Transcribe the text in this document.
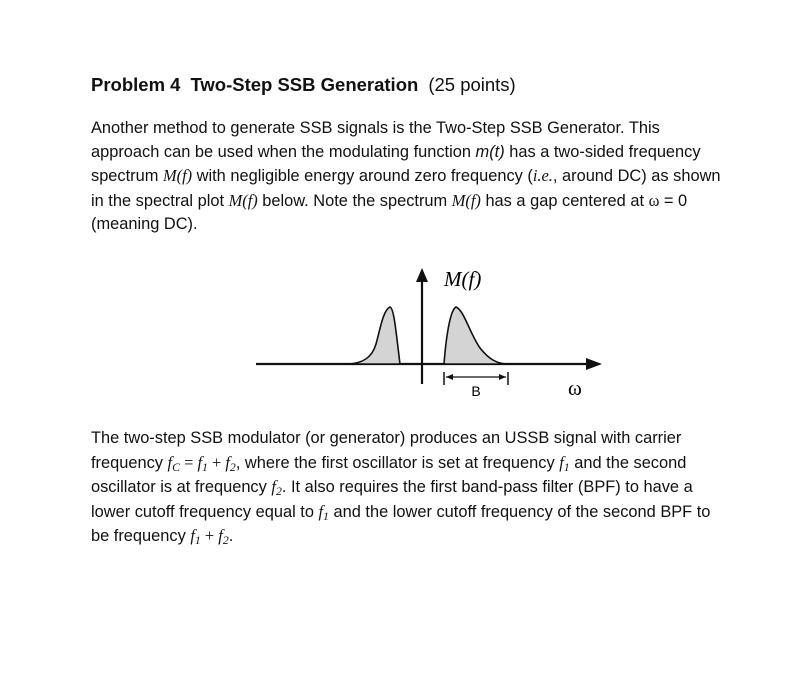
Problem 4 Two-Step SSB Generation (25 points)
Another method to generate SSB signals is the Two-Step SSB Generator. This
approach can be used when the modulating function m(t) has a two-sided frequency
spectrum M(f) with negligible energy around zero frequency (i.e., around DC) as shown
in the spectral plot M(f) below. Note the spectrum M(f) has a gap centered at ω = 0
(meaning DC).
B
M(f)
ω
The two-step SSB modulator (or generator) produces an USSB signal with carrier
frequency $f_C = f_1 + f_2$, where the first oscillator is set at frequency $f_1$ and the second
oscillator is at frequency $f_2$. It also requires the first band-pass filter (BPF) to have a
lower cutoff frequency equal to $f_1$ and the lower cutoff frequency of the second BPF to
be frequency $f_1 + f_2$.
